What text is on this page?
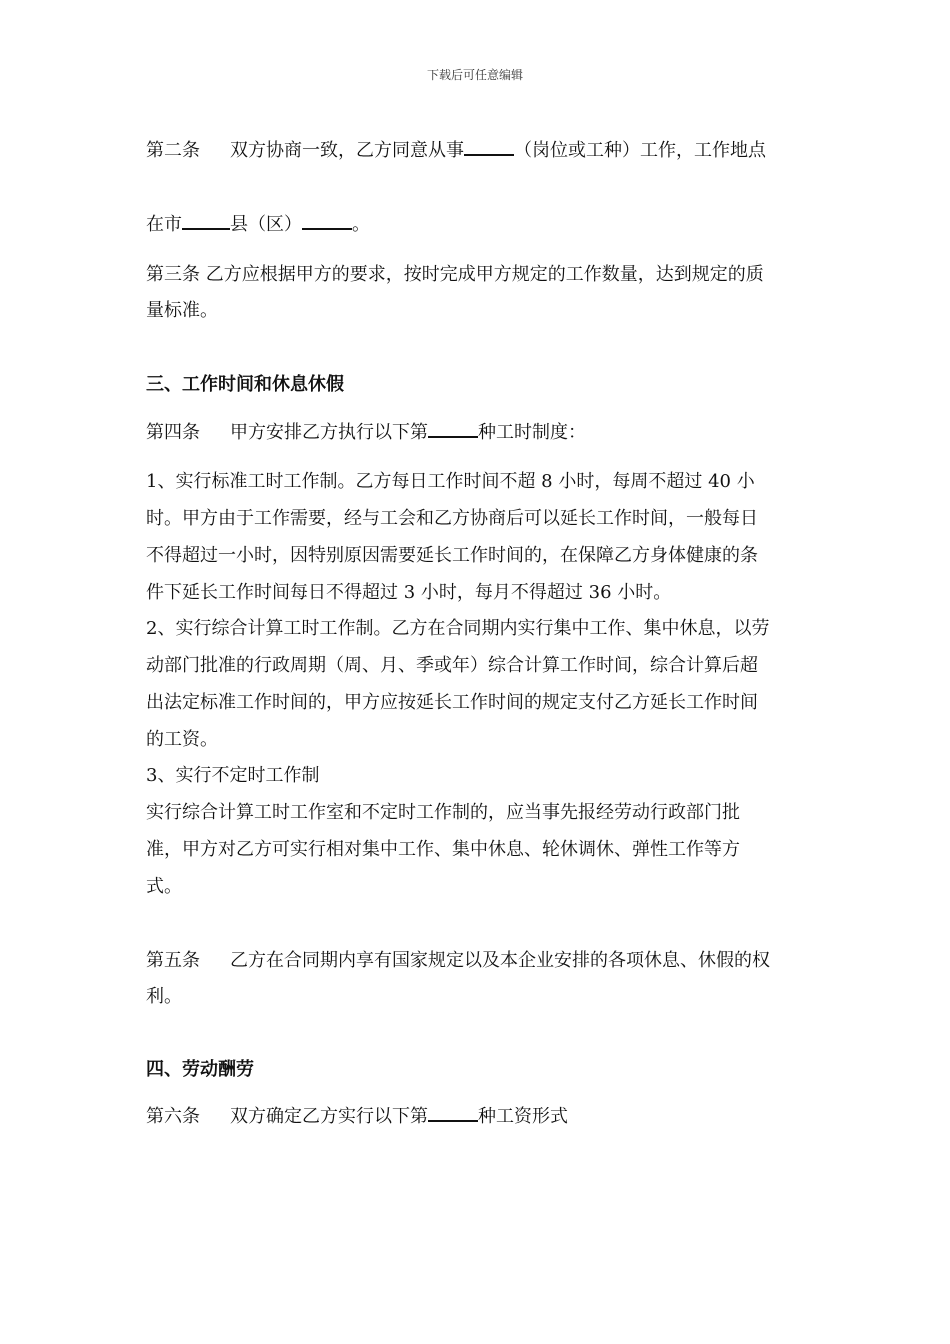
下载后可任意编辑
第二条 双方协商一致，乙方同意从事	（岗位或工种）工作，工作地点
在市	县（区）	。
第三条 乙方应根据甲方的要求，按时完成甲方规定的工作数量，达到规定的质
量标准。
三、工作时间和休息休假
第四条 甲方安排乙方执行以下第	种工时制度：
1、实行标准工时工作制。乙方每日工作时间不超 8 小时，每周不超过 40 小
时。甲方由于工作需要，经与工会和乙方协商后可以延长工作时间，一般每日
不得超过一小时，因特别原因需要延长工作时间的，在保障乙方身体健康的条
件下延长工作时间每日不得超过 3 小时，每月不得超过 36 小时。
2、实行综合计算工时工作制。乙方在合同期内实行集中工作、集中休息，以劳
动部门批准的行政周期（周、月、季或年）综合计算工作时间，综合计算后超
出法定标准工作时间的，甲方应按延长工作时间的规定支付乙方延长工作时间
的工资。
3、实行不定时工作制
实行综合计算工时工作室和不定时工作制的，应当事先报经劳动行政部门批
准，甲方对乙方可实行相对集中工作、集中休息、轮休调休、弹性工作等方
式。
第五条 乙方在合同期内享有国家规定以及本企业安排的各项休息、休假的权
利。
四、劳动酬劳
第六条 双方确定乙方实行以下第	种工资形式
